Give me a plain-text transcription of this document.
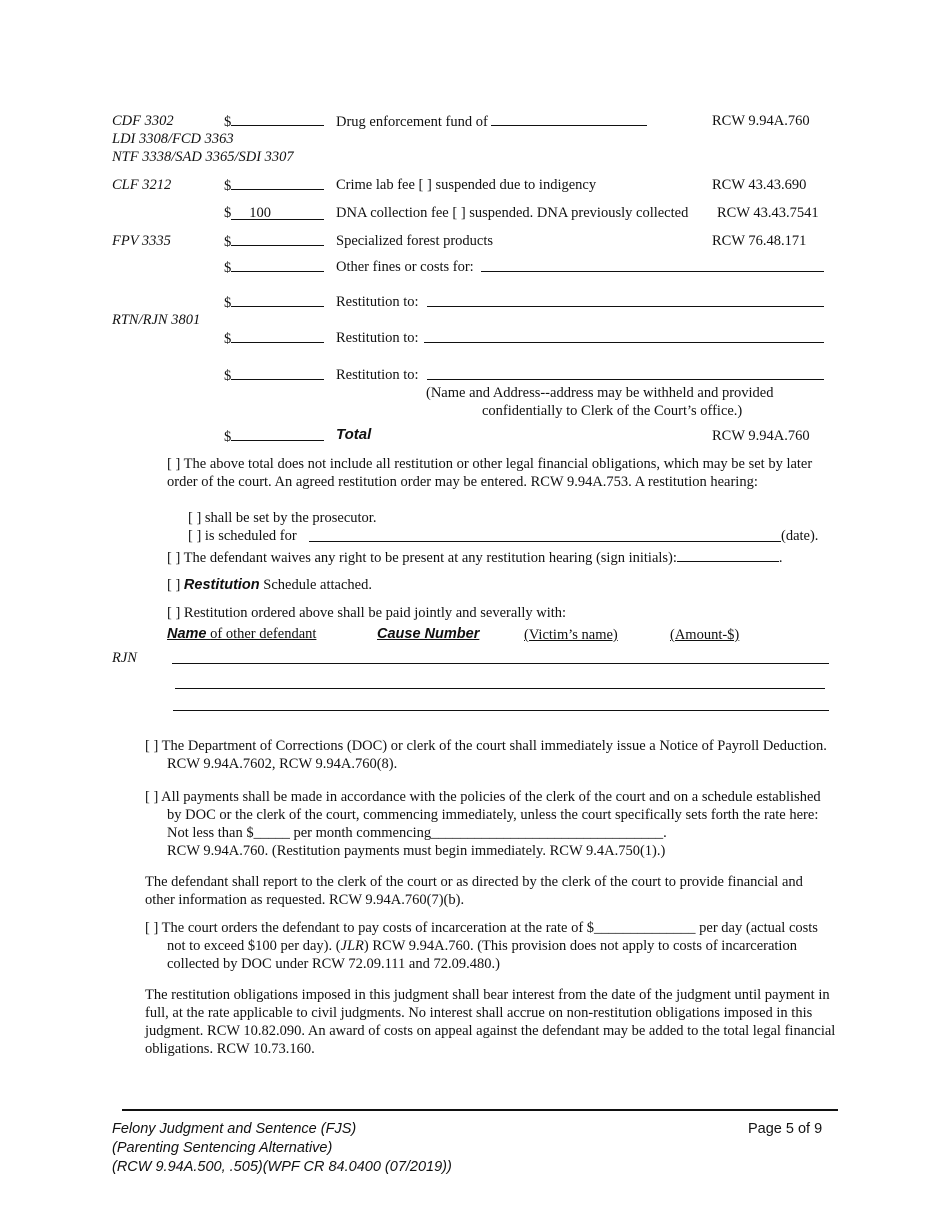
CDF 3302
LDI 3308/FCD 3363
NTF 3338/SAD 3365/SDI 3307
$	Drug enforcement fund of	RCW 9.94A.760
CLF 3212	$	Crime lab fee [ ] suspended due to indigency	RCW 43.43.690
$ 100	DNA collection fee [ ] suspended. DNA previously collected RCW 43.43.7541
FPV 3335	$	Specialized forest products	RCW 76.48.171
$	Other fines or costs for:
$	Restitution to:
RTN/RJN 3801
$	Restitution to:
$	Restitution to:
(Name and Address--address may be withheld and provided
confidentially to Clerk of the Court’s office.)
$	Total	RCW 9.94A.760
[ ] The above total does not include all restitution or other legal financial obligations, which may be set by later order of the court. An agreed restitution order may be entered. RCW 9.94A.753. A restitution hearing:
[ ] shall be set by the prosecutor.
[ ] is scheduled for	(date).
[ ] The defendant waives any right to be present at any restitution hearing (sign initials):	.
[ ] Restitution Schedule attached.
[ ] Restitution ordered above shall be paid jointly and severally with:
Name of other defendant	Cause Number	(Victim’s name)	(Amount-$)
RJN
[ ] The Department of Corrections (DOC) or clerk of the court shall immediately issue a Notice of Payroll Deduction. RCW 9.94A.7602, RCW 9.94A.760(8).
[ ] All payments shall be made in accordance with the policies of the clerk of the court and on a schedule established by DOC or the clerk of the court, commencing immediately, unless the court specifically sets forth the rate here: Not less than $_____ per month commencing________________________________.
RCW 9.94A.760. (Restitution payments must begin immediately. RCW 9.4A.750(1).)
The defendant shall report to the clerk of the court or as directed by the clerk of the court to provide financial and other information as requested. RCW 9.94A.760(7)(b).
[ ] The court orders the defendant to pay costs of incarceration at the rate of $______________ per day (actual costs not to exceed $100 per day). (JLR) RCW 9.94A.760. (This provision does not apply to costs of incarceration collected by DOC under RCW 72.09.111 and 72.09.480.)
The restitution obligations imposed in this judgment shall bear interest from the date of the judgment until payment in full, at the rate applicable to civil judgments. No interest shall accrue on non-restitution obligations imposed in this judgment. RCW 10.82.090. An award of costs on appeal against the defendant may be added to the total legal financial obligations. RCW 10.73.160.
Felony Judgment and Sentence (FJS)
(Parenting Sentencing Alternative)
(RCW 9.94A.500, .505)(WPF CR 84.0400 (07/2019))
Page 5 of 9
